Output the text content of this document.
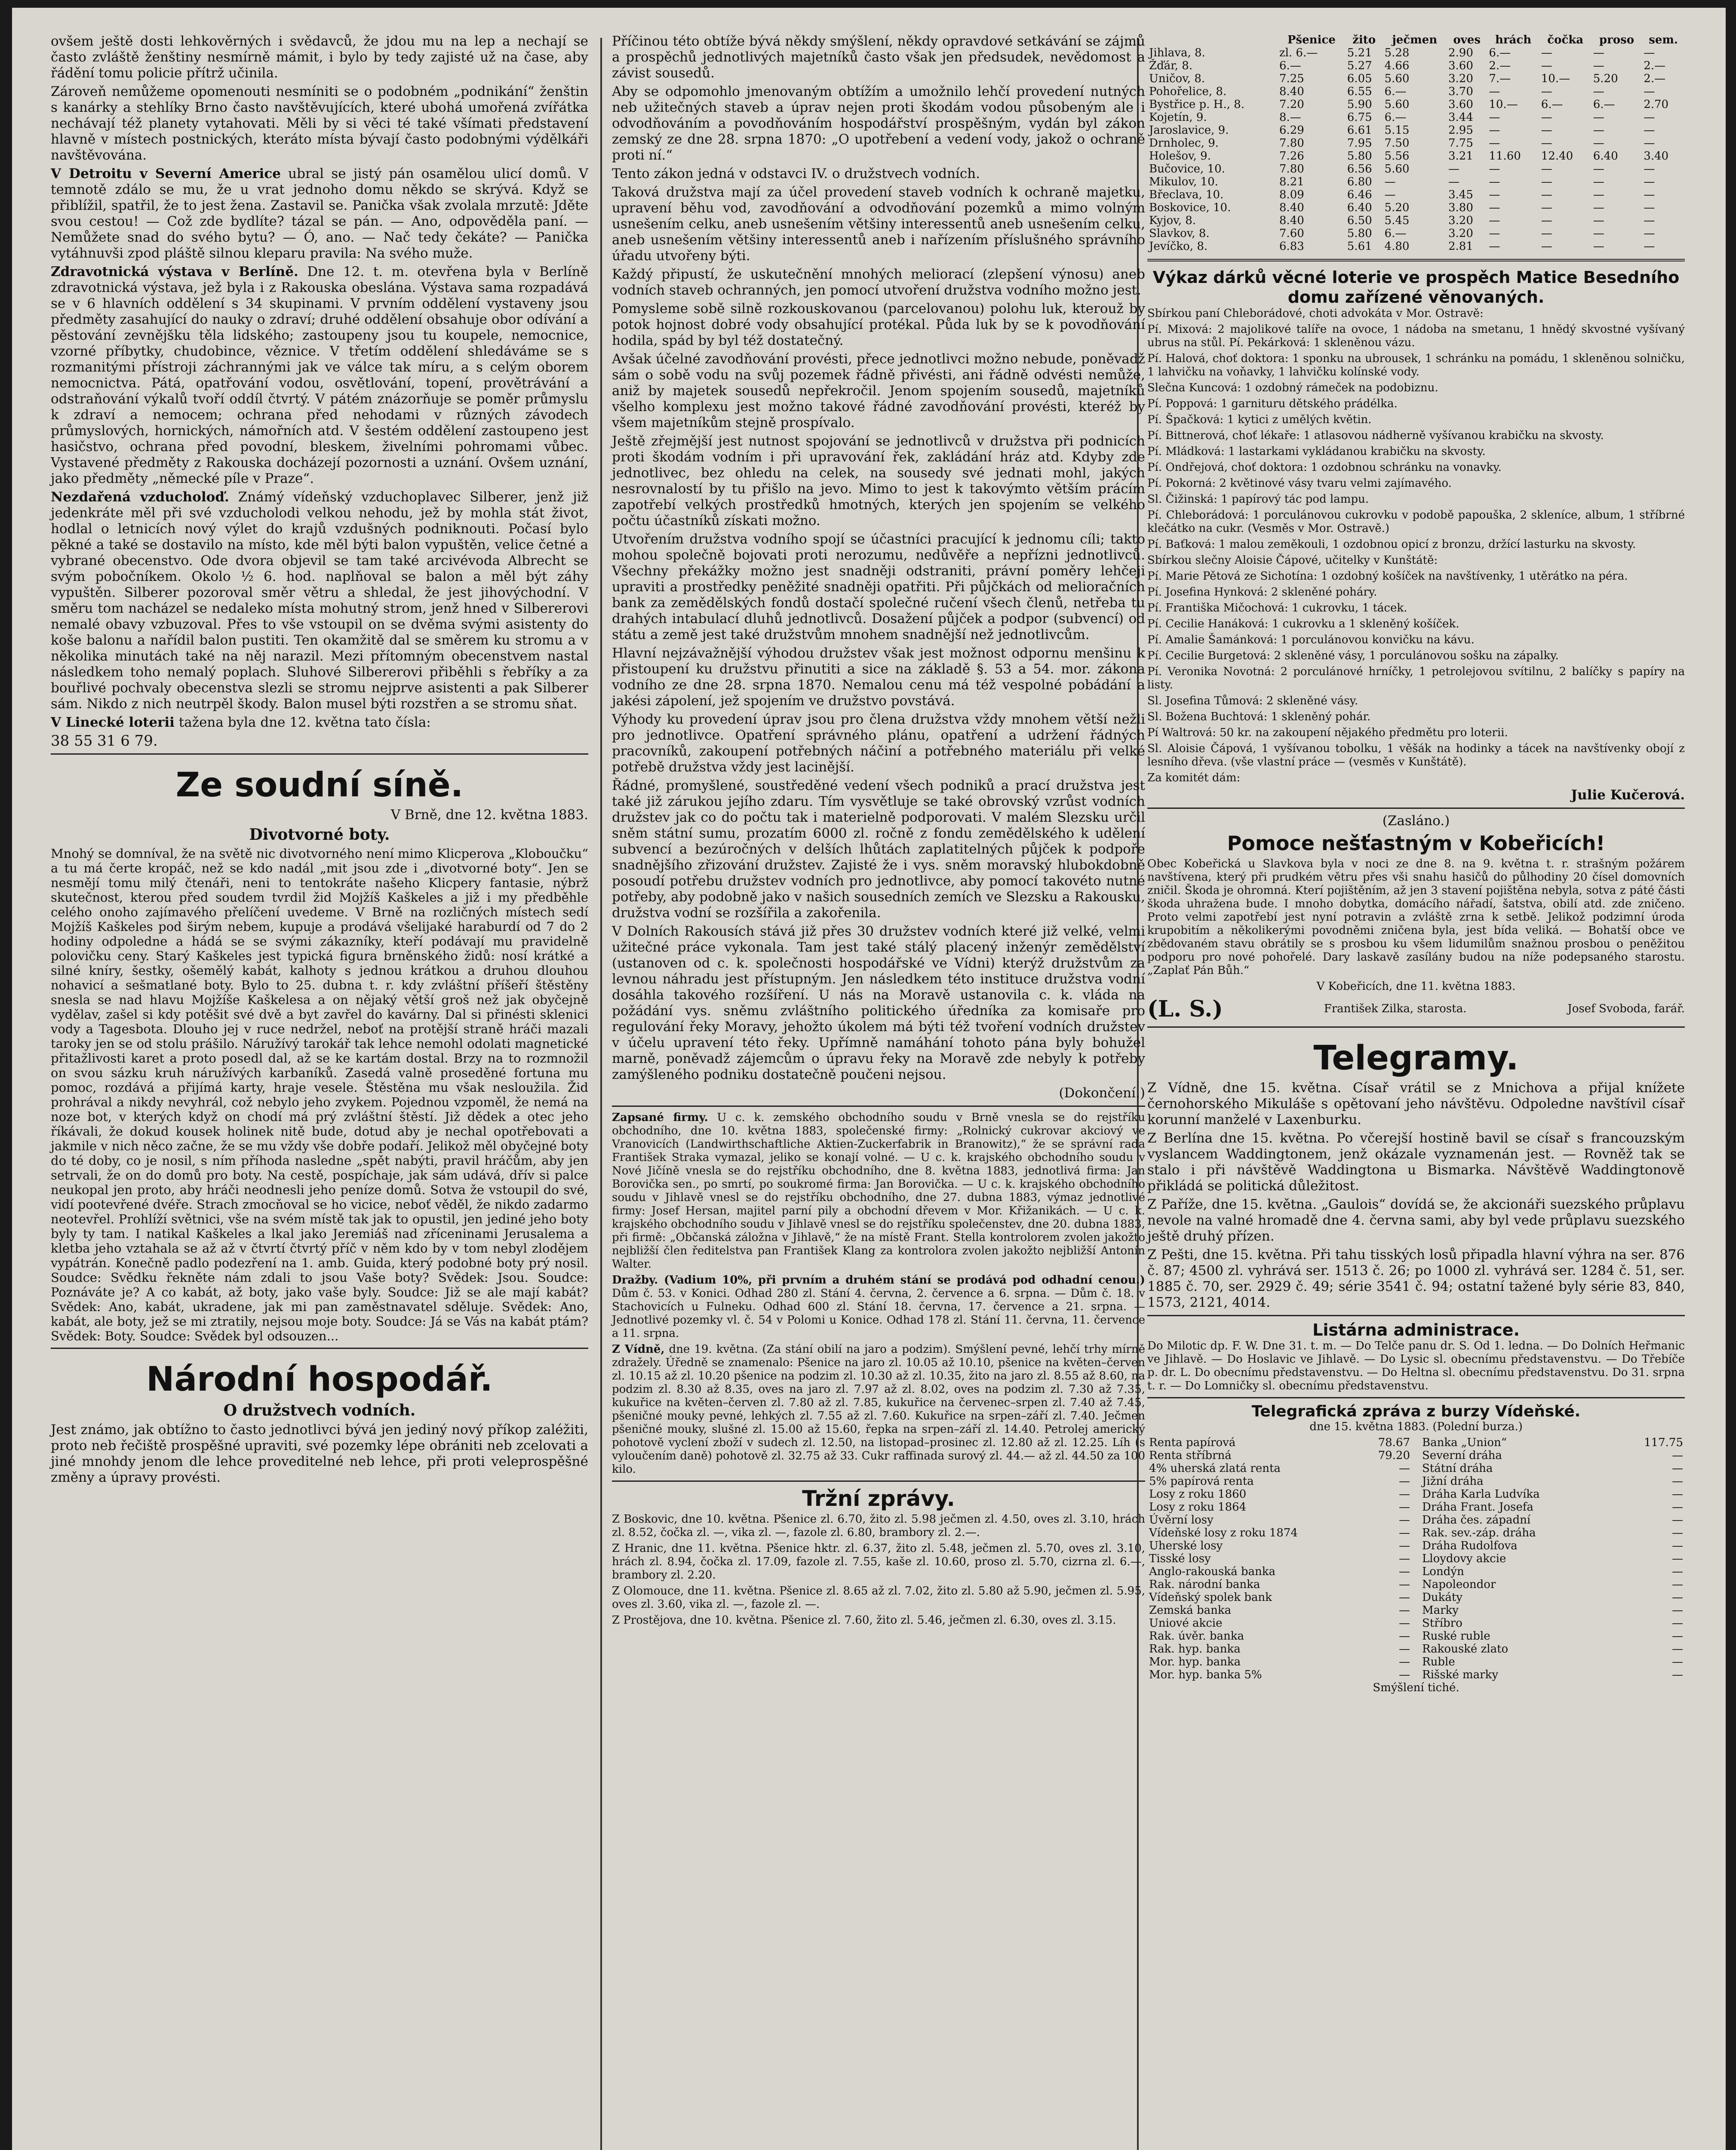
ovšem ještě dosti lehkověrných i svědavců, že jdou mu na lep a nechají se často zvláště ženštiny nesmírně mámit, i bylo by tedy zajisté už na čase, aby řádění tomu policie přítrž učinila.

Zároveň nemůžeme opomenouti nesmíniti se o podobném „podnikání“ ženštin s kanárky a stehlíky Brno často navštěvujících, které ubohá umořená zvířátka nechávají též planety vytahovati. Měli by si věci té také všímati představení hlavně v místech postnických, kteráto místa bývají často podobnými výdělkáři navštěvována.

V Detroitu v Severní Americe ubral se jistý pán osamělou ulicí domů. V temnotě zdálo se mu, že u vrat jednoho domu někdo se skrývá. Když se přiblížil, spatřil, že to jest žena. Zastavil se. Panička však zvolala mrzutě: Jděte svou cestou! — Což zde bydlíte? tázal se pán. — Ano, odpověděla paní. — Nemůžete snad do svého bytu? — Ó, ano. — Nač tedy čekáte? — Panička vytáhnuvši zpod pláště silnou kleparu pravila: Na svého muže.

Zdravotnická výstava v Berlíně. Dne 12. t. m. otevřena byla v Berlíně zdravotnická výstava, jež byla i z Rakouska obeslána. Výstava sama rozpadává se v 6 hlavních oddělení s 34 skupinami. V prvním oddělení vystaveny jsou předměty zasahující do nauky o zdraví; druhé oddělení obsahuje obor odívání a pěstování zevnějšku těla lidského; zastoupeny jsou tu koupele, nemocnice, vzorné příbytky, chudobince, věznice. V třetím oddělení shledáváme se s rozmanitými přístroji záchrannými jak ve válce tak míru, a s celým oborem nemocnictva. Pátá, opatřování vodou, osvětlování, topení, provětrávání a odstraňování výkalů tvoří oddíl čtvrtý. V pátém znázorňuje se poměr průmyslu k zdraví a nemocem; ochrana před nehodami v různých závodech průmyslových, hornických, námořních atd. V šestém oddělení zastoupeno jest hasičstvo, ochrana před povodní, bleskem, živelními pohromami vůbec. Vystavené předměty z Rakouska docházejí pozornosti a uznání. Ovšem uznání, jako předměty „německé píle v Praze“.

Nezdařená vzducholoď. Známý vídeňský vzduchoplavec Silberer, jenž již jedenkráte měl při své vzducholodi velkou nehodu, jež by mohla stát život, hodlal o letnicích nový výlet do krajů vzdušných podniknouti. Počasí bylo pěkné a také se dostavilo na místo, kde měl býti balon vypuštěn, velice četné a vybrané obecenstvo. Ode dvora objevil se tam také arcivévoda Albrecht se svým pobočníkem. Okolo ½ 6. hod. naplňoval se balon a měl být záhy vypuštěn. Silberer pozoroval směr větru a shledal, že jest jihovýchodní. V směru tom nacházel se nedaleko místa mohutný strom, jenž hned v Silbererovi nemalé obavy vzbuzoval. Přes to vše vstoupil on se dvěma svými asistenty do koše balonu a nařídil balon pustiti. Ten okamžitě dal se směrem ku stromu a v několika minutách také na něj narazil. Mezi přítomným obecenstvem nastal následkem toho nemalý poplach. Sluhové Silbererovi přiběhli s řebříky a za bouřlivé pochvaly obecenstva slezli se stromu nejprve asistenti a pak Silberer sám. Nikdo z nich neutrpěl škody. Balon musel býti rozstřen a se stromu sňat.

V Linecké loterii tažena byla dne 12. května tato čísla:

38 55 31 6 79.

Ze soudní síně.

V Brně, dne 12. května 1883.

Divotvorné boty.

Mnohý se domníval, že na světě nic divotvorného není mimo Klicperova „Kloboučku“ a tu má čerte kropáč, než se kdo nadál „mit jsou zde i „divotvorné boty“. Jen se nesmějí tomu milý čtenáři, neni to tentokráte našeho Klicpery fantasie, nýbrž skutečnost, kterou před soudem tvrdil žid Mojžíš Kaškeles a již i my předběhle celého onoho zajímavého přelíčení uvedeme. V Brně na rozličných místech sedí Mojžíš Kaškeles pod širým nebem, kupuje a prodává všelijaké haraburdí od 7 do 2 hodiny odpoledne a hádá se se svými zákazníky, kteří podávají mu pravidelně polovičku ceny. Starý Kaškeles jest typická figura brněnského židů: nosí krátké a silné kníry, šestky, ošemělý kabát, kalhoty s jednou krátkou a druhou dlouhou nohavicí a sešmatlané boty. Bylo to 25. dubna t. r. kdy zvláštní příšeří štěstěny snesla se nad hlavu Mojžíše Kaškelesa a on nějaký větší groš než jak obyčejně vydělav, zašel si kdy potěšit své dvě a byt zavřel do kavárny. Dal si přinésti sklenici vody a Tagesbota. Dlouho jej v ruce nedržel, neboť na protější straně hráči mazali taroky jen se od stolu prášilo. Náružívý tarokář tak lehce nemohl odolati magnetické přitažlivosti karet a proto posedl dal, až se ke kartám dostal. Brzy na to rozmnožil on svou sázku kruh náružívých karbaníků. Zasedá valně proseděné fortuna mu pomoc, rozdává a přijímá karty, hraje vesele. Štěstěna mu však nesloužila. Žid prohrával a nikdy nevyhrál, což nebylo jeho zvykem. Pojednou vzpoměl, že nemá na noze bot, v kterých když on chodí má prý zvláštní štěstí. Již dědek a otec jeho říkávali, že dokud kousek holinek nitě bude, dotud aby je nechal opotřebovati a jakmile v nich něco začne, že se mu vždy vše dobře podaří. Jelikož měl obyčejné boty do té doby, co je nosil, s ním příhoda nasledne „spět nabýti, pravil hráčům, aby jen setrvali, že on do domů pro boty. Na cestě, pospíchaje, jak sám udává, dřív si palce neukopal jen proto, aby hráči neodnesli jeho peníze domů. Sotva že vstoupil do své, vidí pootevřené dvéře. Strach zmocňoval se ho vicice, neboť věděl, že nikdo zadarmo neotevřel. Prohlíží světnici, vše na svém místě tak jak to opustil, jen jediné jeho boty byly ty tam. I natikal Kaškeles a lkal jako Jeremiáš nad zříceninami Jerusalema a kletba jeho vztahala se až až v čtvrtí čtvrtý příč v něm kdo by v tom nebyl zlodějem vypátrán. Konečně padlo podezření na 1. amb. Guida, který podobné boty prý nosil. Soudce: Svědku řekněte nám zdali to jsou Vaše boty? Svědek: Jsou. Soudce: Poznáváte je? A co kabát, až boty, jako vaše byly. Soudce: Již se ale mají kabát? Svědek: Ano, kabát, ukradene, jak mi pan zaměstnavatel sděluje. Svědek: Ano, kabát, ale boty, jež se mi ztratily, nejsou moje boty. Soudce: Já se Vás na kabát ptám? Svědek: Boty. Soudce: Svědek byl odsouzen...

Národní hospodář.
O družstvech vodních.

Jest známo, jak obtížno to často jednotlivci bývá jen jediný nový příkop zaléžiti, proto neb řečiště prospěšné upraviti, své pozemky lépe obrániti neb zcelovati a jiné mnohdy jenom dle lehce proveditelné neb lehce, při proti veleprospěšné změny a úpravy provésti.

Příčinou této obtíže bývá někdy smýšlení, někdy opravdové setkávání se zájmů a prospěchů jednotlivých majetníků často však jen předsudek, nevědomost a závist sousedů.

Aby se odpomohlo jmenovaným obtížím a umožnilo lehčí provedení nutných neb užitečných staveb a úprav nejen proti škodám vodou působeným ale i odvodňováním a povodňováním hospodářství prospěšným, vydán byl zákon zemský ze dne 28. srpna 1870: „O upotřebení a vedení vody, jakož o ochraně proti ní.“

Tento zákon jedná v odstavci IV. o družstvech vodních.

Taková družstva mají za účel provedení staveb vodních k ochraně majetku, upravení běhu vod, zavodňování a odvodňování pozemků a mimo volným usnešením celku, aneb usnešením většiny interessentů aneb usnešením celku, aneb usnešením většiny interessentů aneb i nařízením příslušného správního úřadu utvořeny býti.

Každý připustí, že uskutečnění mnohých meliorací (zlepšení výnosu) aneb vodních staveb ochranných, jen pomocí utvoření družstva vodního možno jest.

Pomysleme sobě silně rozkouskovanou (parcelovanou) polohu luk, kterouž by potok hojnost dobré vody obsahující protékal. Půda luk by se k povodňování hodila, spád by byl též dostatečný.

Avšak účelné zavodňování provésti, přece jednotlivci možno nebude, poněvadž sám o sobě vodu na svůj pozemek řádně přivésti, ani řádně odvésti nemůže, aniž by majetek sousedů nepřekročil. Jenom spojením sousedů, majetníků všelho komplexu jest možno takové řádné zavodňování provésti, kteréž by všem majetníkům stejně prospívalo.

Ještě zřejmější jest nutnost spojování se jednotlivců v družstva při podnicích proti škodám vodním i při upravování řek, zakládání hráz atd. Kdyby zde jednotlivec, bez ohledu na celek, na sousedy své jednati mohl, jakých nesrovnalostí by tu přišlo na jevo. Mimo to jest k takovýmto větším prácím zapotřebí velkých prostředků hmotných, kterých jen spojením se velkého počtu účastníků získati možno.

Utvořením družstva vodního spojí se účastníci pracující k jednomu cíli; takto mohou společně bojovati proti nerozumu, nedůvěře a nepřízni jednotlivců. Všechny překážky možno jest snadněji odstraniti, právní poměry lehčeji upraviti a prostředky peněžité snadněji opatřiti. Při půjčkách od melioračních bank za zemědělských fondů dostačí společné ručení všech členů, netřeba tu drahých intabulací dluhů jednotlivců. Dosažení půjček a podpor (subvencí) od státu a země jest také družstvům mnohem snadnější než jednotlivcům.

Hlavní nejzávažnější výhodou družstev však jest možnost odpornu menšinu k přistoupení ku družstvu přinutiti a sice na základě §. 53 a 54. mor. zákona vodního ze dne 28. srpna 1870. Nemalou cenu má též vespolné pobádání a jakési zápolení, jež spojením ve družstvo povstává.

Výhody ku provedení úprav jsou pro člena družstva vždy mnohem větší nežli pro jednotlivce. Opatření správného plánu, opatření a udržení řádných pracovníků, zakoupení potřebných náčiní a potřebného materiálu při velké potřebě družstva vždy jest lacinější.

Řádné, promyšlené, soustředěné vedení všech podniků a prací družstva jest také již zárukou jejího zdaru. Tím vysvětluje se také obrovský vzrůst vodních družstev jak co do počtu tak i materielně podporovati. V malém Slezsku určil sněm státní sumu, prozatím 6000 zl. ročně z fondu zemědělského k udělení subvencí a bezúročných v delších lhůtách zaplatitelných půjček k podpoře snadnějšího zřizování družstev. Zajisté že i vys. sněm moravský hlubokdobně posoudí potřebu družstev vodních pro jednotlivce, aby pomocí takovéto nutné potřeby, aby podobně jako v našich sousedních zemích ve Slezsku a Rakousku, družstva vodní se rozšířila a zakořenila.

V Dolních Rakousích stává již přes 30 družstev vodních které již velké, velmi užitečné práce vykonala. Tam jest také stálý placený inženýr zemědělství (ustanoven od c. k. společnosti hospodářské ve Vídni) kterýž družstvům za levnou náhradu jest přístupným. Jen následkem této instituce družstva vodní dosáhla takového rozšíření. U nás na Moravě ustanovila c. k. vláda na požádání vys. sněmu zvláštního politického úředníka za komisaře pro regulování řeky Moravy, jehožto úkolem má býti též tvoření vodních družstev v účelu upravení této řeky. Upřímně namáhání tohoto pána byly bohužel marně, poněvadž zájemcům o úpravu řeky na Moravě zde nebyly k potřeby zamýšleného podniku dostatečně poučeni nejsou.

(Dokončení.)

Zapsané firmy. U c. k. zemského obchodního soudu v Brně vnesla se do rejstříku obchodního, dne 10. května 1883, společenské firmy: „Rolnický cukrovar akciový ve Vranovicích (Landwirthschaftliche Aktien-Zuckerfabrik in Branowitz),“ že se správní rada František Straka vymazal, jeliko se konají volné. — U c. k. krajského obchodního soudu v Nové Jičíně vnesla se do rejstříku obchodního, dne 8. května 1883, jednotlivá firma: Jan Borovička sen., po smrtí, po soukromé firma: Jan Borovička. — U c. k. krajského obchodního soudu v Jihlavě vnesl se do rejstříku obchodního, dne 27. dubna 1883, výmaz jednotlivé firmy: Josef Hersan, majitel parní pily a obchodní dřevem v Mor. Křižanikách. — U c. k. krajského obchodního soudu v Jihlavě vnesl se do rejstříku společenstev, dne 20. dubna 1883, při firmě: „Občanská záložna v Jihlavě,“ že na místě Frant. Stella kontrolorem zvolen jakožto nejbližší člen ředitelstva pan František Klang za kontrolora zvolen jakožto nejbližší Antonín Walter.

Dražby. (Vadium 10%, při prvním a druhém stání se prodává pod odhadní cenou.) Dům č. 53. v Konici. Odhad 280 zl. Stání 4. června, 2. července a 6. srpna. — Dům č. 18. v Stachovicích u Fulneku. Odhad 600 zl. Stání 18. června, 17. července a 21. srpna. — Jednotlivé pozemky vl. č. 54 v Polomi u Konice. Odhad 178 zl. Stání 11. června, 11. července a 11. srpna.

Z Vídně, dne 19. května. (Za stání obilí na jaro a podzim). Smýšlení pevné, lehčí trhy mírně zdražely. Úředně se znamenalo: Pšenice na jaro zl. 10.05 až 10.10, pšenice na květen–červen zl. 10.15 až zl. 10.20 pšenice na podzim zl. 10.30 až zl. 10.35, žito na jaro zl. 8.55 až 8.60, na podzim zl. 8.30 až 8.35, oves na jaro zl. 7.97 až zl. 8.02, oves na podzim zl. 7.30 až 7.35, kukuřice na květen–červen zl. 7.80 až zl. 7.85, kukuřice na červenec–srpen zl. 7.40 až 7.45, pšeničné mouky pevné, lehkých zl. 7.55 až zl. 7.60. Kukuřice na srpen–září zl. 7.40. Ječmen pšeničné mouky, slušné zl. 15.00 až 15.60, řepka na srpen–září zl. 14.40. Petrolej americký pohotově vyclení zboží v sudech zl. 12.50, na listopad–prosinec zl. 12.80 až zl. 12.25. Líh (s vyloučením daně) pohotově zl. 32.75 až 33. Cukr raffinada surový zl. 44.— až zl. 44.50 za 100 kilo.

Tržní zprávy.

Z Boskovic, dne 10. května. Pšenice zl. 6.70, žito zl. 5.98 ječmen zl. 4.50, oves zl. 3.10, hrách zl. 8.52, čočka zl. —, vika zl. —, fazole zl. 6.80, brambory zl. 2.—.

Z Hranic, dne 11. května. Pšenice hktr. zl. 6.37, žito zl. 5.48, ječmen zl. 5.70, oves zl. 3.10, hrách zl. 8.94, čočka zl. 17.09, fazole zl. 7.55, kaše zl. 10.60, proso zl. 5.70, cizrna zl. 6.—, brambory zl. 2.20.

Z Olomouce, dne 11. května. Pšenice zl. 8.65 až zl. 7.02, žito zl. 5.80 až 5.90, ječmen zl. 5.95, oves zl. 3.60, vika zl. —, fazole zl. —.

Z Prostějova, dne 10. května. Pšenice zl. 7.60, žito zl. 5.46, ječmen zl. 6.30, oves zl. 3.15.

	Pšenice	žito	ječmen	oves	hrách	čočka	proso	sem.
Jihlava, 8.	zl. 6.—	5.21	5.28	2.90	6.—	—	—	—
Žďár, 8.	6.—	5.27	4.66	3.60	2.—	—	—	2.—
Uničov, 8.	7.25	6.05	5.60	3.20	7.—	10.—	5.20	2.—
Pohořelice, 8.	8.40	6.55	6.—	3.70	—	—	—	—
Bystřice p. H., 8.	7.20	5.90	5.60	3.60	10.—	6.—	6.—	2.70
Kojetín, 9.	8.—	6.75	6.—	3.44	—	—	—	—
Jaroslavice, 9.	6.29	6.61	5.15	2.95	—	—	—	—
Drnholec, 9.	7.80	7.95	7.50	7.75	—	—	—	—
Holešov, 9.	7.26	5.80	5.56	3.21	11.60	12.40	6.40	3.40
Bučovice, 10.	7.80	6.56	5.60	—	—	—	—	—
Mikulov, 10.	8.21	6.80	—	—	—	—	—	—
Břeclava, 10.	8.09	6.46	—	3.45	—	—	—	—
Boskovice, 10.	8.40	6.40	5.20	3.80	—	—	—	—
Kyjov, 8.	8.40	6.50	5.45	3.20	—	—	—	—
Slavkov, 8.	7.60	5.80	6.—	3.20	—	—	—	—
Jevíčko, 8.	6.83	5.61	4.80	2.81	—	—	—	—
Výkaz dárků věcné loterie ve prospěch Matice Besedního domu zařízené věnovaných.

Sbírkou paní Chleborádové, choti advokáta v Mor. Ostravě:

Pí. Mixová: 2 majolikové talíře na ovoce, 1 nádoba na smetanu, 1 hnědý skvostné vyšívaný ubrus na stůl. Pí. Pekárková: 1 skleněnou vázu.

Pí. Halová, choť doktora: 1 sponku na ubrousek, 1 schránku na pomádu, 1 skleněnou solničku, 1 lahvičku na voňavky, 1 lahvičku kolínské vody.

Slečna Kuncová: 1 ozdobný rámeček na podobiznu.

Pí. Poppová: 1 garnituru dětského prádélka.

Pí. Špačková: 1 kytici z umělých květin.

Pí. Bittnerová, choť lékaře: 1 atlasovou nádherně vyšívanou krabičku na skvosty.

Pí. Mládková: 1 lastarkami vykládanou krabičku na skvosty.

Pí. Ondřejová, choť doktora: 1 ozdobnou schránku na vonavky.

Pí. Pokorná: 2 květinové vásy tvaru velmi zajímavého.

Sl. Čižinská: 1 papírový tác pod lampu.

Pí. Chleborádová: 1 porculánovou cukrovku v podobě papouška, 2 skleníce, album, 1 stříbrné klečátko na cukr. (Vesměs v Mor. Ostravě.)

Pí. Baťková: 1 malou zeměkouli, 1 ozdobnou opicí z bronzu, držící lasturku na skvosty.

Sbírkou slečny Aloisie Čápové, učitelky v Kunštátě:

Pí. Marie Pětová ze Sichotína: 1 ozdobný košíček na navštívenky, 1 utěrátko na péra.

Pí. Josefina Hynková: 2 skleněné poháry.

Pí. Františka Mičochová: 1 cukrovku, 1 tácek.

Pí. Cecilie Hanáková: 1 cukrovku a 1 skleněný košíček.

Pí. Amalie Šamánková: 1 porculánovou konvičku na kávu.

Pí. Cecilie Burgetová: 2 skleněné vásy, 1 porculánovou sošku na zápalky.

Pí. Veronika Novotná: 2 porculánové hrníčky, 1 petrolejovou svítilnu, 2 balíčky s papíry na listy.

Sl. Josefina Tůmová: 2 skleněné vásy.

Sl. Božena Buchtová: 1 skleněný pohár.

Pí Waltrová: 50 kr. na zakoupení nějakého předmětu pro loterii.

Sl. Aloisie Čápová, 1 vyšívanou tobolku, 1 věšák na hodinky a tácek na navštívenky obojí z lesního dřeva. (vše vlastní práce — (vesměs v Kunštátě).

Za komitét dám:

Julie Kučerová.

(Zasláno.)

Pomoce nešťastným v Kobeřicích!

Obec Kobeřická u Slavkova byla v noci ze dne 8. na 9. května t. r. strašným požárem navštívena, který při prudkém větru přes vši snahu hasičů do půlhodiny 20 čísel domovních zničil. Škoda je ohromná. Kterí pojištěním, až jen 3 stavení pojištěna nebyla, sotva z páté části škoda uhražena bude. I mnoho dobytka, domácího nářadí, šatstva, obilí atd. zde zničeno. Proto velmi zapotřebí jest nyní potravin a zvláště zrna k setbě. Jelikož podzimní úroda krupobitím a několikerými povodněmi zničena byla, jest bída veliká. — Bohatší obce ve zbědovaném stavu obrátily se s prosbou ku všem lidumilům snažnou prosbou o peněžitou podporu pro nové pohořelé. Dary laskavě zasílány budou na níže podepsaného starostu. „Zaplať Pán Bůh.“

V Kobeřicích, dne 11. května 1883.

(L. S.)	František Zilka, starosta.	Josef Svoboda, farář.
Telegramy.

Z Vídně, dne 15. května. Císař vrátil se z Mnichova a přijal knížete černohorského Mikuláše s opětovaní jeho návštěvu. Odpoledne navštívil císař korunní manželé v Laxenburku.

Z Berlína dne 15. května. Po včerejší hostině bavil se císař s francouzským vyslancem Waddingtonem, jenž okázale vyznamenán jest. — Rovněž tak se stalo i při návštěvě Waddingtona u Bismarka. Návštěvě Waddingtonově přikládá se politická důležitost.

Z Paříže, dne 15. května. „Gaulois“ dovídá se, že akcionáři suezského průplavu nevole na valné hromadě dne 4. června sami, aby byl vede průplavu suezského ještě druhý přízen.

Z Pešti, dne 15. května. Při tahu tisských losů připadla hlavní výhra na ser. 876 č. 87; 4500 zl. vyhrává ser. 1513 č. 26; po 1000 zl. vyhrává ser. 1284 č. 51, ser. 1885 č. 70, ser. 2929 č. 49; série 3541 č. 94; ostatní tažené byly série 83, 840, 1573, 2121, 4014.

Listárna administrace.

Do Milotic dp. F. W. Dne 31. t. m. — Do Telče panu dr. S. Od 1. ledna. — Do Dolních Heřmanic ve Jihlavě. — Do Hoslavic ve Jihlavě. — Do Lysic sl. obecnímu představenstvu. — Do Třebíče p. dr. L. Do obecnímu představenstvu. — Do Heltna sl. obecnímu představenstvu. Do 31. srpna t. r. — Do Lomničky sl. obecnímu představenstvu.

Telegrafická zpráva z burzy Vídeňské.

dne 15. května 1883. (Polední burza.)

Renta papírová	78.67
Renta stříbrná	79.20
4% uherská zlatá renta	—
5% papírová renta	—
Losy z roku 1860	—
Losy z roku 1864	—
Úvěrní losy	—
Vídeňské losy z roku 1874	—
Uherské losy	—
Tisské losy	—
Anglo-rakouská banka	—
Rak. národní banka	—
Vídeňský spolek bank	—
Zemská banka	—
Uniové akcie	—
Rak. úvěr. banka	—
Rak. hyp. banka	—
Mor. hyp. banka	—
Mor. hyp. banka 5%	—
Banka „Union“	117.75
Severní dráha	—
Státní dráha	—
Jižní dráha	—
Dráha Karla Ludvíka	—
Dráha Frant. Josefa	—
Dráha čes. západní	—
Rak. sev.-záp. dráha	—
Dráha Rudolfova	—
Lloydovy akcie	—
Londýn	—
Napoleondor	—
Dukáty	—
Marky	—
Stříbro	—
Ruské ruble	—
Rakouské zlato	—
Ruble	—
Rišské marky	—

Smýšlení tiché.
